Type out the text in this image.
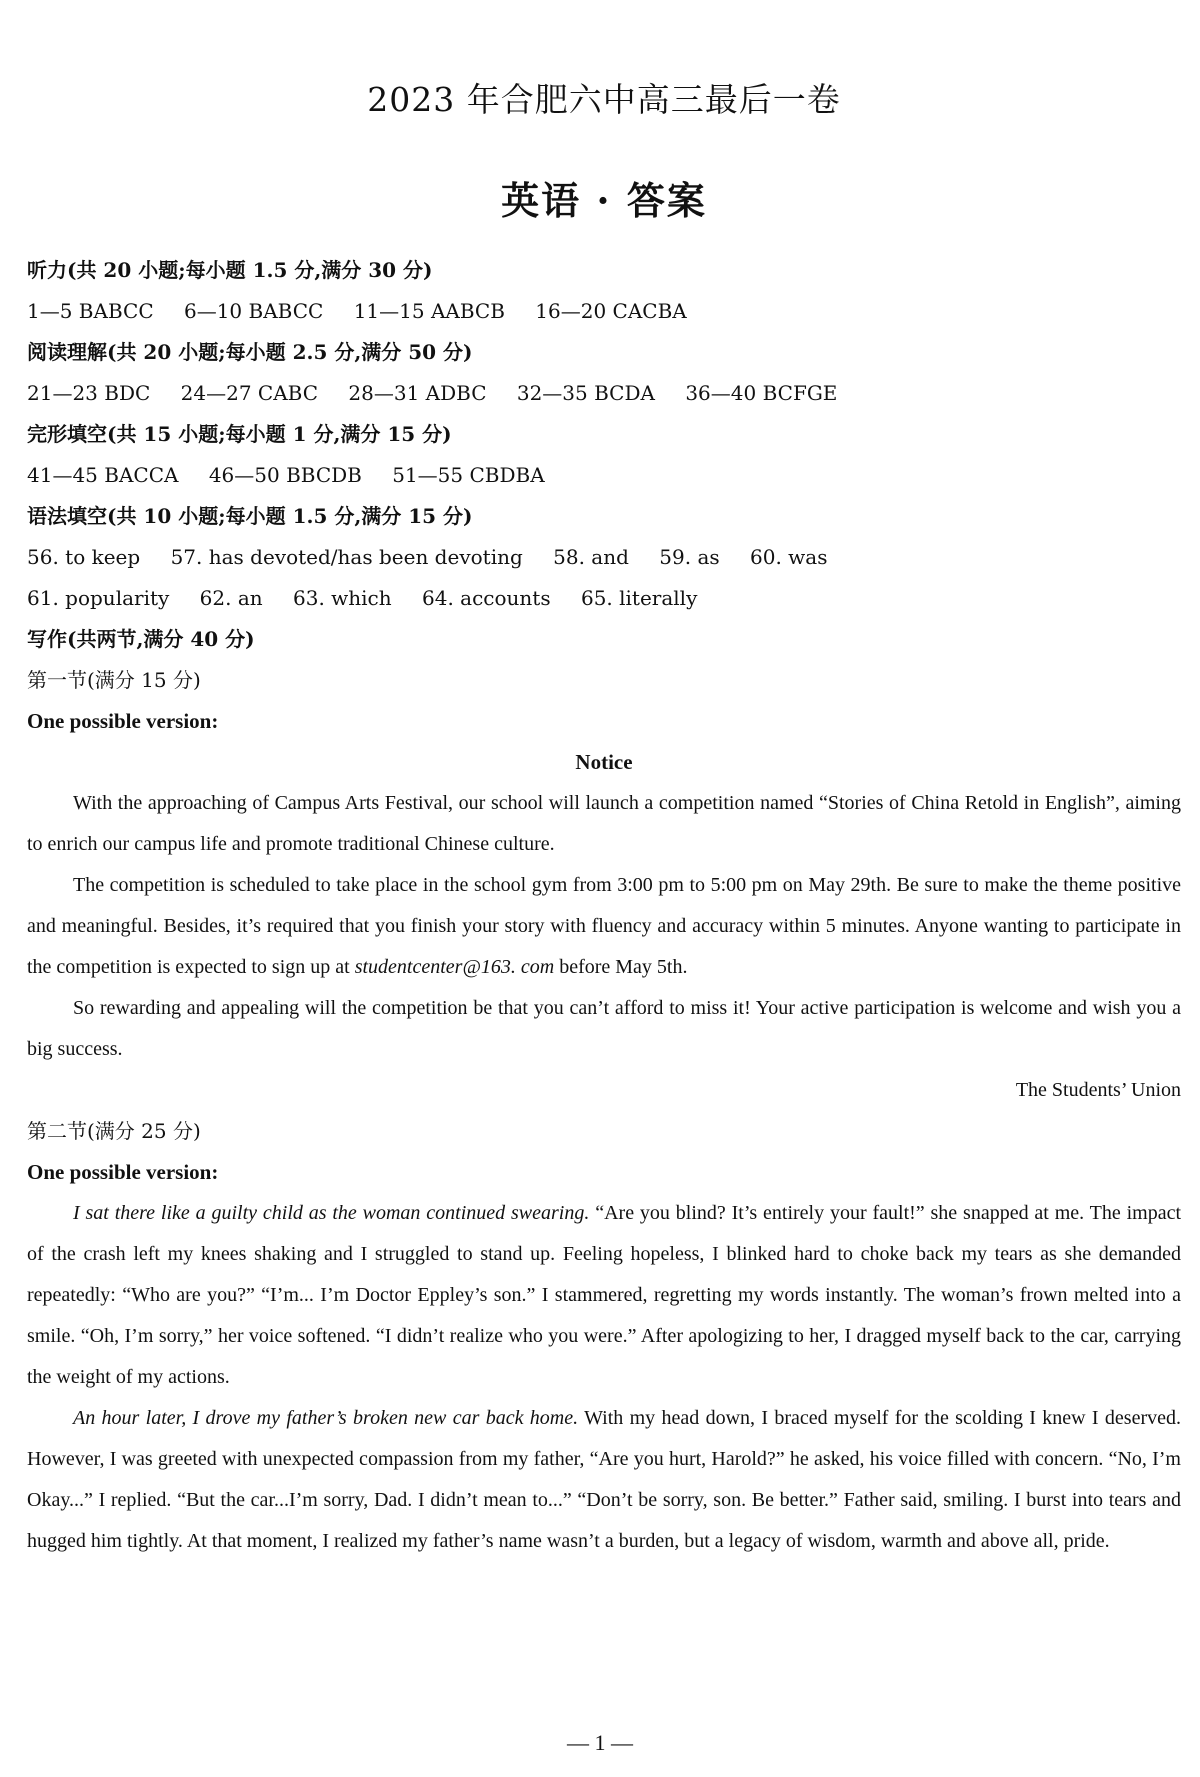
2023 年合肥六中高三最后一卷
英语 · 答案
听力(共 20 小题;每小题 1.5 分,满分 30 分)
1—5 BABCC 6—10 BABCC 11—15 AABCB 16—20 CACBA
阅读理解(共 20 小题;每小题 2.5 分,满分 50 分)
21—23 BDC 24—27 CABC 28—31 ADBC 32—35 BCDA 36—40 BCFGE
完形填空(共 15 小题;每小题 1 分,满分 15 分)
41—45 BACCA 46—50 BBCDB 51—55 CBDBA
语法填空(共 10 小题;每小题 1.5 分,满分 15 分)
56. to keep 57. has devoted/has been devoting 58. and 59. as 60. was
61. popularity 62. an 63. which 64. accounts 65. literally
写作(共两节,满分 40 分)
第一节(满分 15 分)
One possible version:
Notice

With the approaching of Campus Arts Festival, our school will launch a competition named “Stories of China Retold in English”, aiming to enrich our campus life and promote traditional Chinese culture.

The competition is scheduled to take place in the school gym from 3:00 pm to 5:00 pm on May 29th. Be sure to make the theme positive and meaningful. Besides, it’s required that you finish your story with fluency and accuracy within 5 minutes. Anyone wanting to participate in the competition is expected to sign up at studentcenter@163. com before May 5th.

So rewarding and appealing will the competition be that you can’t afford to miss it! Your active participation is welcome and wish you a big success.

The Students’ Union
第二节(满分 25 分)
One possible version:

I sat there like a guilty child as the woman continued swearing. “Are you blind? It’s entirely your fault!” she snapped at me. The impact of the crash left my knees shaking and I struggled to stand up. Feeling hopeless, I blinked hard to choke back my tears as she demanded repeatedly: “Who are you?” “I’m... I’m Doctor Eppley’s son.” I stammered, regretting my words instantly. The woman’s frown melted into a smile. “Oh, I’m sorry,” her voice softened. “I didn’t realize who you were.” After apologizing to her, I dragged myself back to the car, carrying the weight of my actions.

An hour later, I drove my father’s broken new car back home. With my head down, I braced myself for the scolding I knew I deserved. However, I was greeted with unexpected compassion from my father, “Are you hurt, Harold?” he asked, his voice filled with concern. “No, I’m Okay...” I replied. “But the car...I’m sorry, Dad. I didn’t mean to...” “Don’t be sorry, son. Be better.” Father said, smiling. I burst into tears and hugged him tightly. At that moment, I realized my father’s name wasn’t a burden, but a legacy of wisdom, warmth and above all, pride.

— 1 —
